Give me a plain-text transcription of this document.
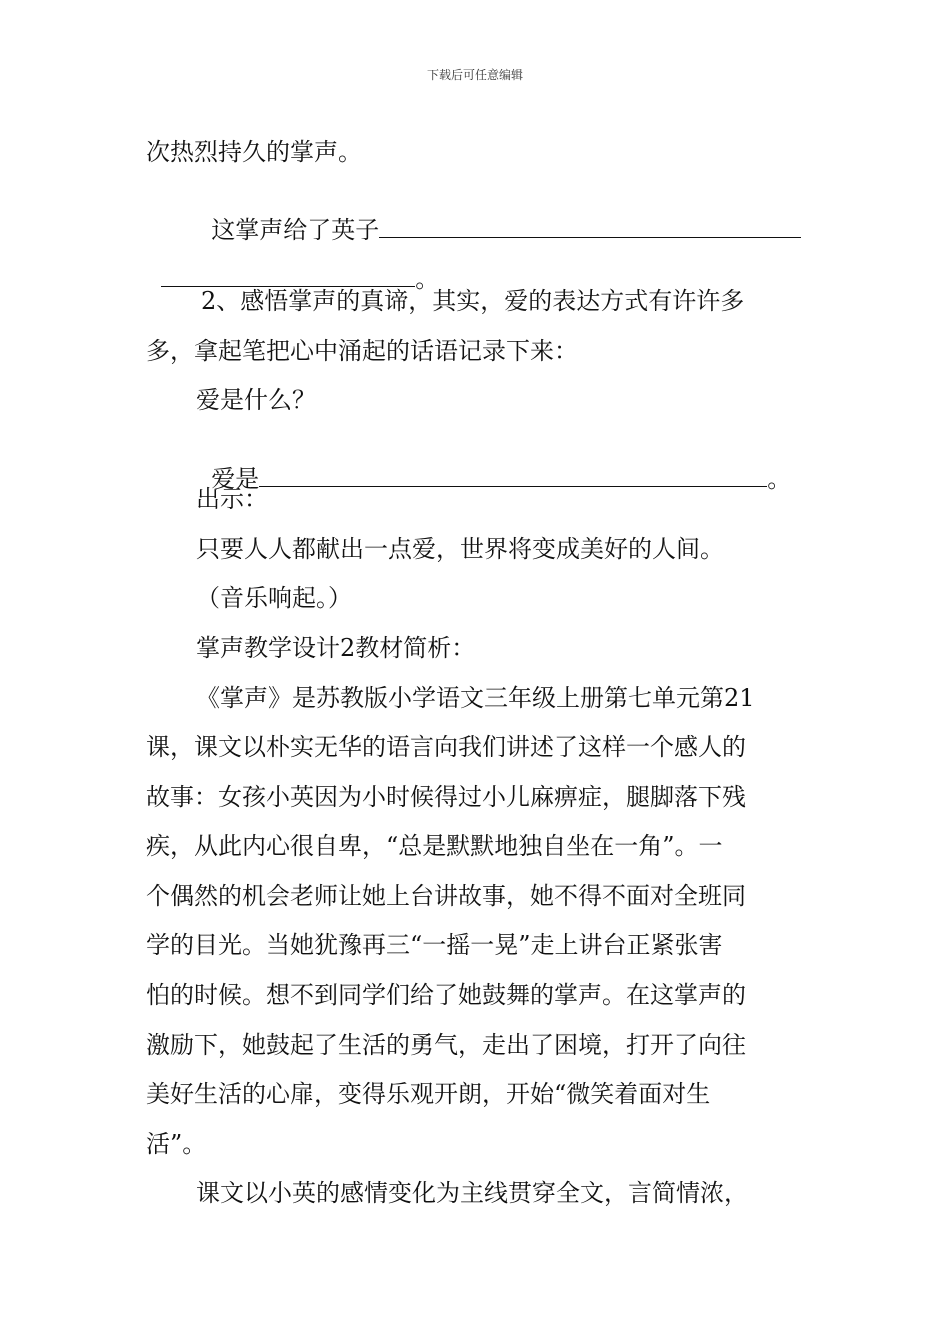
下载后可任意编辑
次热烈持久的掌声。

这掌声给了英子

。

2、感悟掌声的真谛，其实，爱的表达方式有许许多
多，拿起笔把心中涌起的话语记录下来：
爱是什么？

爱是	。

出示：
只要人人都献出一点爱，世界将变成美好的人间。
（音乐响起。）
掌声教学设计2教材简析：
《掌声》是苏教版小学语文三年级上册第七单元第21
课，课文以朴实无华的语言向我们讲述了这样一个感人的
故事：女孩小英因为小时候得过小儿麻痹症，腿脚落下残
疾，从此内心很自卑，“总是默默地独自坐在一角”。一
个偶然的机会老师让她上台讲故事，她不得不面对全班同
学的目光。当她犹豫再三“一摇一晃”走上讲台正紧张害
怕的时候。想不到同学们给了她鼓舞的掌声。在这掌声的
激励下，她鼓起了生活的勇气，走出了困境，打开了向往
美好生活的心扉，变得乐观开朗，开始“微笑着面对生
活”。
课文以小英的感情变化为主线贯穿全文，言简情浓，
